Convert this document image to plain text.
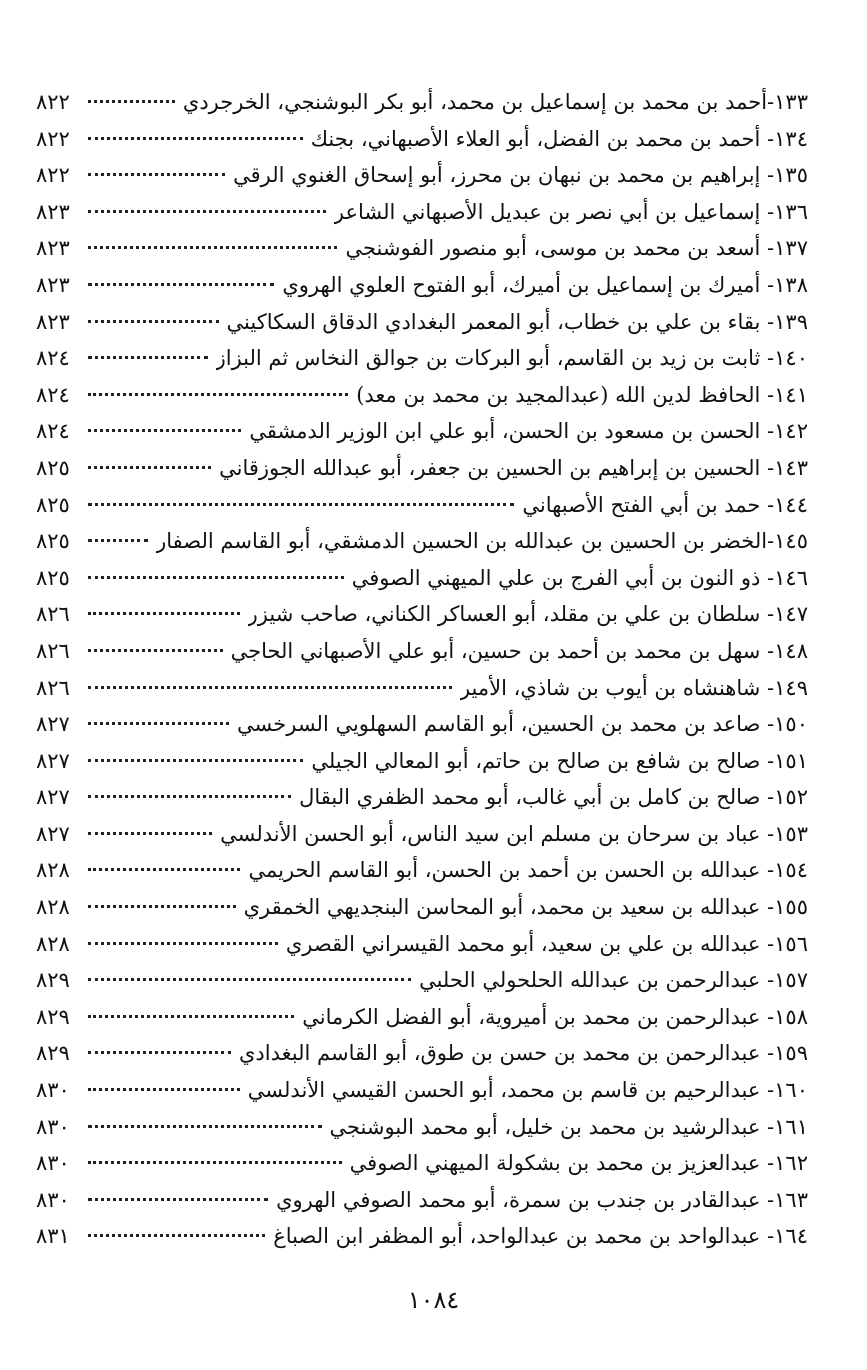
١٣٣-أحمد بن محمد بن إسماعيل بن محمد، أبو بكر البوشنجي، الخرجردي
٨٢٢
١٣٤- أحمد بن محمد بن الفضل، أبو العلاء الأصبهاني، بجنك
٨٢٢
١٣٥- إبراهيم بن محمد بن نبهان بن محرز، أبو إسحاق الغنوي الرقي
٨٢٢
١٣٦- إسماعيل بن أبي نصر بن عبديل الأصبهاني الشاعر
٨٢٣
١٣٧- أسعد بن محمد بن موسى، أبو منصور الفوشنجي
٨٢٣
١٣٨- أميرك بن إسماعيل بن أميرك، أبو الفتوح العلوي الهروي
٨٢٣
١٣٩- بقاء بن علي بن خطاب، أبو المعمر البغدادي الدقاق السكاكيني
٨٢٣
١٤٠- ثابت بن زيد بن القاسم، أبو البركات بن جوالق النخاس ثم البزاز
٨٢٤
١٤١- الحافظ لدين الله (عبدالمجيد بن محمد بن معد)
٨٢٤
١٤٢- الحسن بن مسعود بن الحسن، أبو علي ابن الوزير الدمشقي
٨٢٤
١٤٣- الحسين بن إبراهيم بن الحسين بن جعفر، أبو عبدالله الجوزقاني
٨٢٥
١٤٤- حمد بن أبي الفتح الأصبهاني
٨٢٥
١٤٥-الخضر بن الحسين بن عبدالله بن الحسين الدمشقي، أبو القاسم الصفار
٨٢٥
١٤٦- ذو النون بن أبي الفرج بن علي الميهني الصوفي
٨٢٥
١٤٧- سلطان بن علي بن مقلد، أبو العساكر الكناني، صاحب شيزر
٨٢٦
١٤٨- سهل بن محمد بن أحمد بن حسين، أبو علي الأصبهاني الحاجي
٨٢٦
١٤٩- شاهنشاه بن أيوب بن شاذي، الأمير
٨٢٦
١٥٠- صاعد بن محمد بن الحسين، أبو القاسم السهلويي السرخسي
٨٢٧
١٥١- صالح بن شافع بن صالح بن حاتم، أبو المعالي الجيلي
٨٢٧
١٥٢- صالح بن كامل بن أبي غالب، أبو محمد الظفري البقال
٨٢٧
١٥٣- عباد بن سرحان بن مسلم ابن سيد الناس، أبو الحسن الأندلسي
٨٢٧
١٥٤- عبدالله بن الحسن بن أحمد بن الحسن، أبو القاسم الحريمي
٨٢٨
١٥٥- عبدالله بن سعيد بن محمد، أبو المحاسن البنجديهي الخمقري
٨٢٨
١٥٦- عبدالله بن علي بن سعيد، أبو محمد القيسراني القصري
٨٢٨
١٥٧- عبدالرحمن بن عبدالله الحلحولي الحلبي
٨٢٩
١٥٨- عبدالرحمن بن محمد بن أميروية، أبو الفضل الكرماني
٨٢٩
١٥٩- عبدالرحمن بن محمد بن حسن بن طوق، أبو القاسم البغدادي
٨٢٩
١٦٠- عبدالرحيم بن قاسم بن محمد، أبو الحسن القيسي الأندلسي
٨٣٠
١٦١- عبدالرشيد بن محمد بن خليل، أبو محمد البوشنجي
٨٣٠
١٦٢- عبدالعزيز بن محمد بن بشكولة الميهني الصوفي
٨٣٠
١٦٣- عبدالقادر بن جندب بن سمرة، أبو محمد الصوفي الهروي
٨٣٠
١٦٤- عبدالواحد بن محمد بن عبدالواحد، أبو المظفر ابن الصباغ
٨٣١
١٠٨٤
